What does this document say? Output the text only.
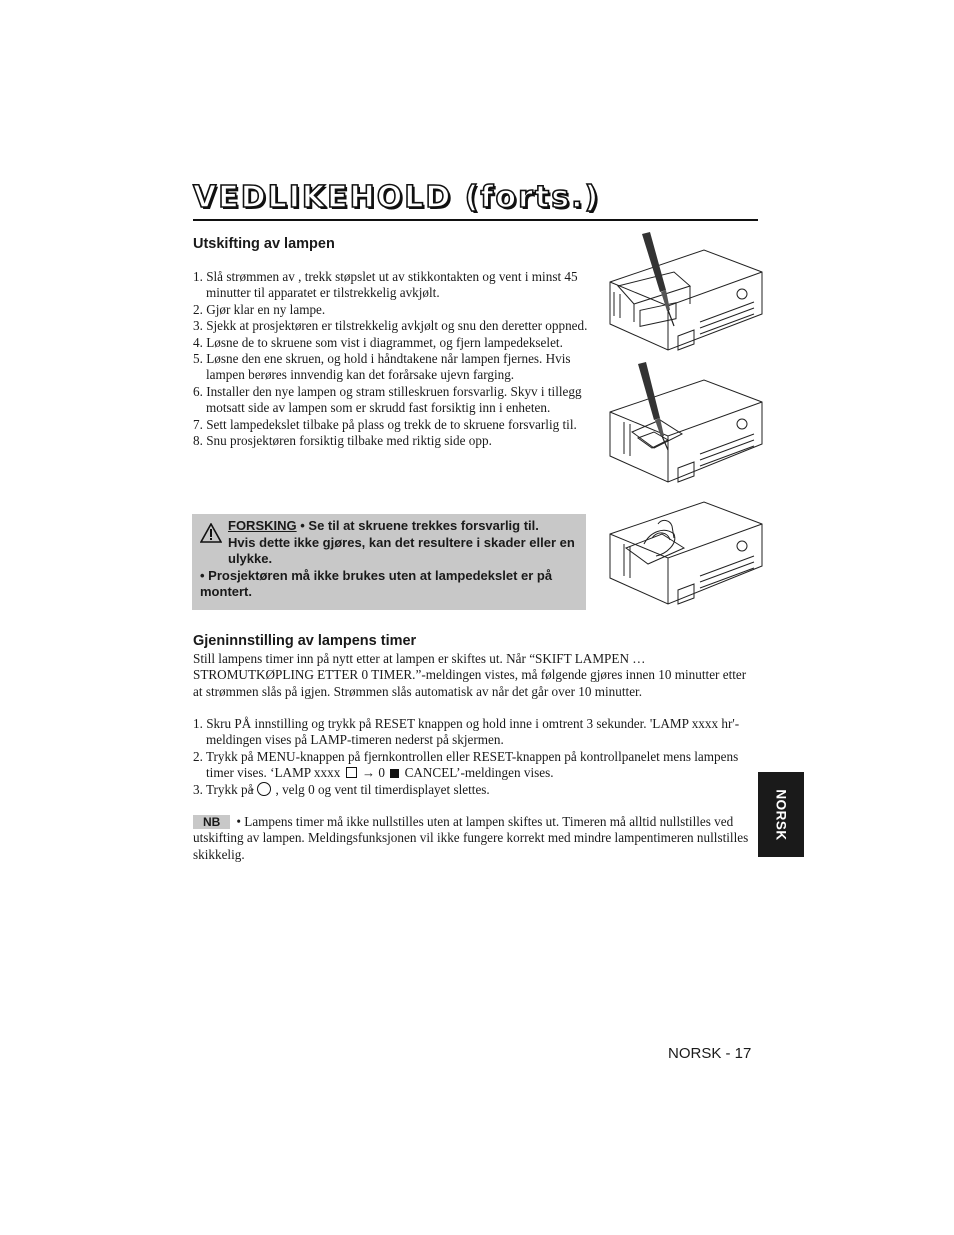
VEDLIKEHOLD (forts.)
Utskifting av lampen
1. Slå strømmen av , trekk støpslet ut av stikkontakten og vent i minst 45 minutter til apparatet er tilstrekkelig avkjølt.
2. Gjør klar en ny lampe.
3. Sjekk at prosjektøren er tilstrekkelig avkjølt og snu den deretter oppned.
4. Løsne de to skruene som vist i diagrammet, og fjern lampedekselet.
5. Løsne den ene skruen, og hold i håndtakene når lampen fjernes. Hvis lampen berøres innvendig kan det forårsake ujevn farging.
6. Installer den nye lampen og stram stilleskruen forsvarlig. Skyv i tillegg motsatt side av lampen som er skrudd fast forsiktig inn i enheten.
7. Sett lampedekslet tilbake på plass og trekk de to skruene forsvarlig til.
8. Snu prosjektøren forsiktig tilbake med riktig side opp.
FORSKING • Se til at skruene trekkes forsvarlig til.
Hvis dette ikke gjøres, kan det resultere i skader eller en ulykke.
• Prosjektøren må ikke brukes uten at lampedekslet er på montert.
Gjeninnstilling av lampens timer

Still lampens timer inn på nytt etter at lampen er skiftes ut. Når “SKIFT LAMPEN … STROMUTKØPLING ETTER 0 TIMER.”-meldingen vistes, må følgende gjøres innen 10 minutter etter at strømmen slås på igjen. Strømmen slås automatisk av når det går over 10 minutter.

1. Skru PÅ innstilling og trykk på RESET knappen og hold inne i omtrent 3 sekunder. 'LAMP xxxx hr'-meldingen vises på LAMP-timeren nederst på skjermen.
2. Trykk på MENU-knappen på fjernkontrollen eller RESET-knappen på kontrollpanelet mens lampens timer vises. ‘LAMP xxxx → 0 CANCEL’-meldingen vises.
3. Trykk på→ , velg 0 og vent til timerdisplayet slettes.

NB • Lampens timer må ikke nullstilles uten at lampen skiftes ut. Timeren må alltid nullstilles ved utskifting av lampen. Meldingsfunksjonen vil ikke fungere korrekt med mindre lampentimeren nullstilles skikkelig.

NORSK
NORSK - 17
